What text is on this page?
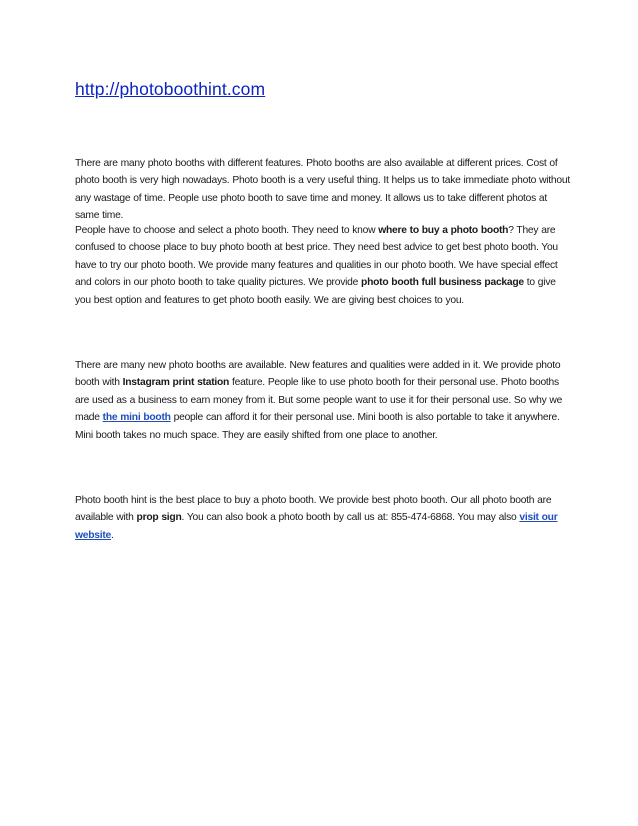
http://photoboothint.com

There are many photo booths with different features. Photo booths are also available at different prices. Cost of photo booth is very high nowadays. Photo booth is a very useful thing. It helps us to take immediate photo without any wastage of time. People use photo booth to save time and money. It allows us to take different photos at same time.

People have to choose and select a photo booth. They need to know where to buy a photo booth? They are confused to choose place to buy photo booth at best price. They need best advice to get best photo booth. You have to try our photo booth. We provide many features and qualities in our photo booth. We have special effect and colors in our photo booth to take quality pictures. We provide photo booth full business package to give you best option and features to get photo booth easily. We are giving best choices to you.

There are many new photo booths are available. New features and qualities were added in it. We provide photo booth with Instagram print station feature. People like to use photo booth for their personal use. Photo booths are used as a business to earn money from it. But some people want to use it for their personal use. So why we made the mini booth people can afford it for their personal use. Mini booth is also portable to take it anywhere. Mini booth takes no much space. They are easily shifted from one place to another.

Photo booth hint is the best place to buy a photo booth. We provide best photo booth. Our all photo booth are available with prop sign. You can also book a photo booth by call us at: 855-474-6868. You may also visit our website.
